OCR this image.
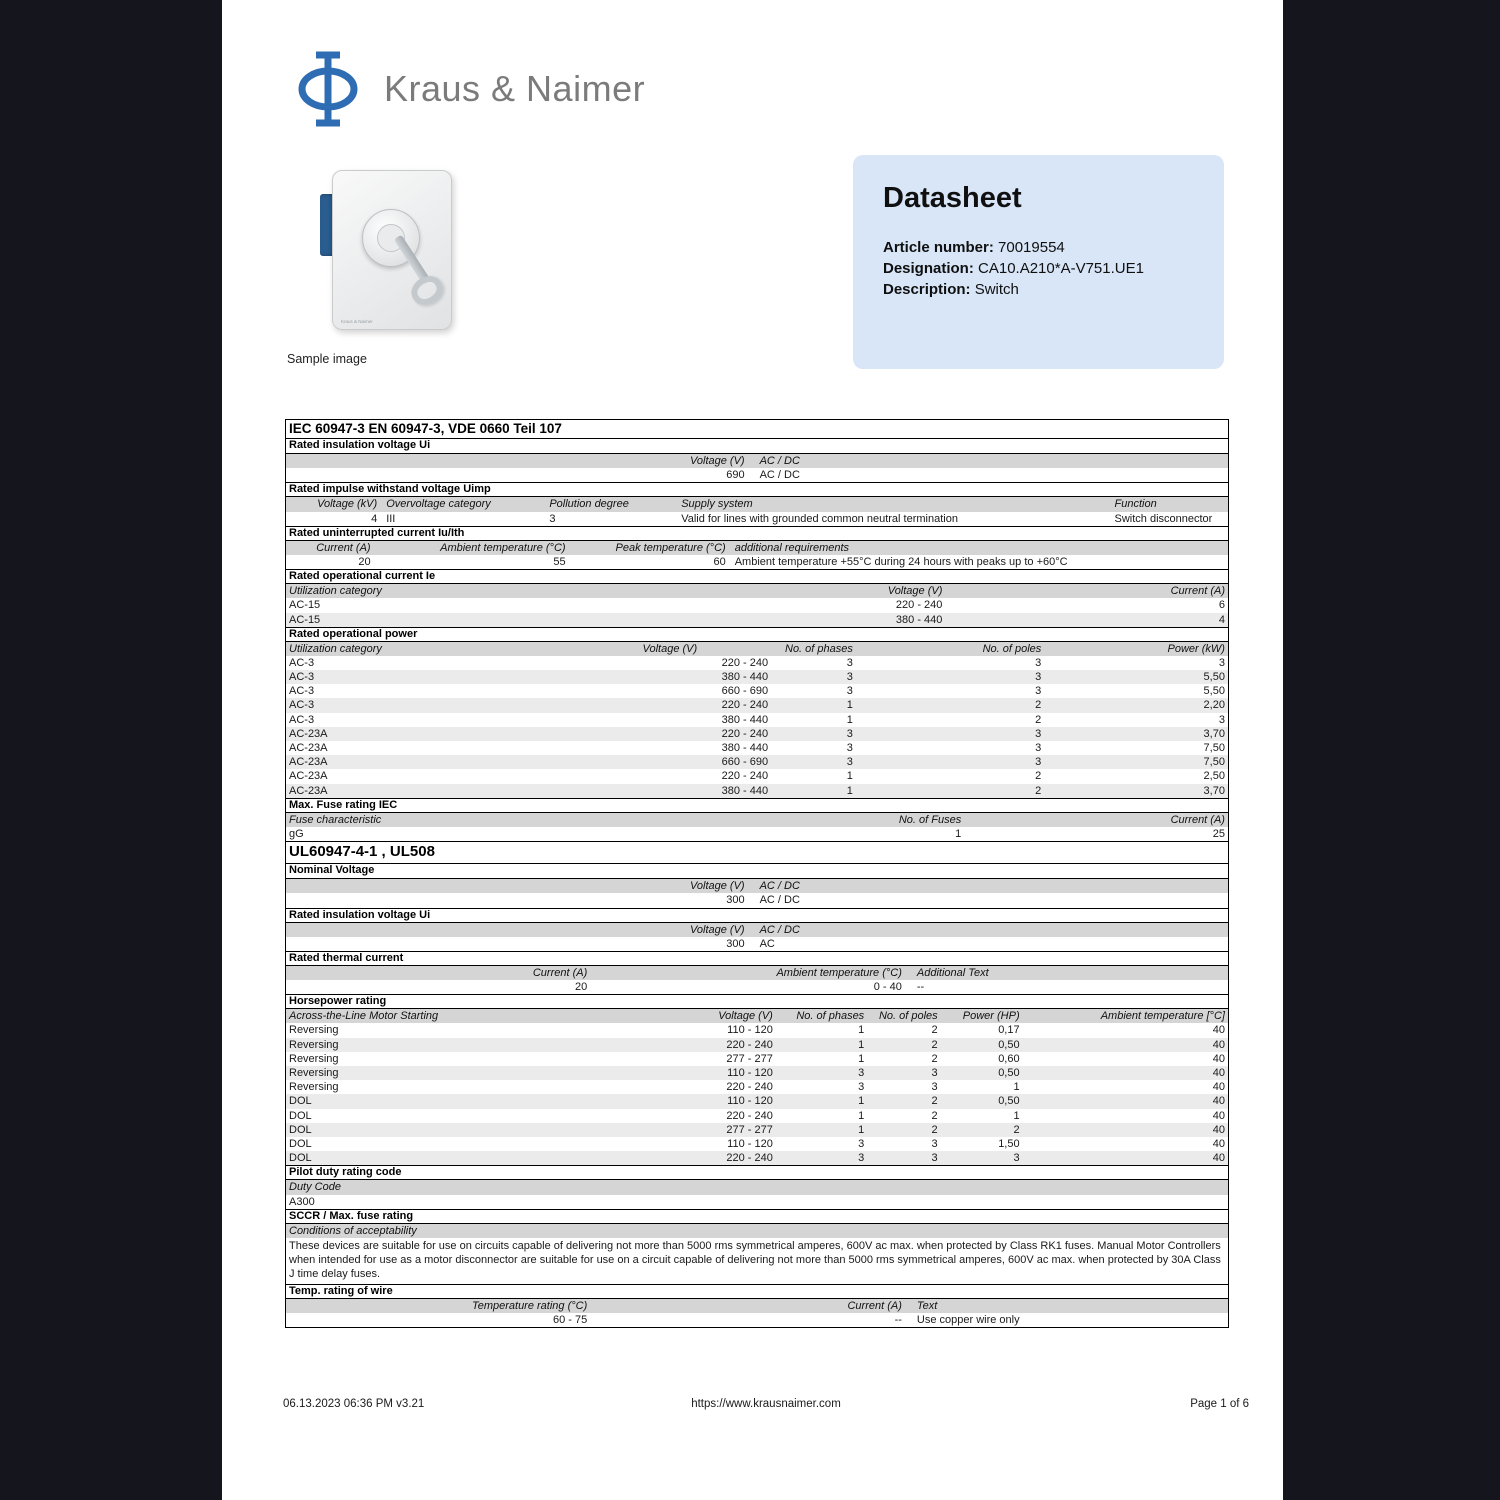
Kraus & Naimer
Kraus & Naimer
Sample image
Datasheet
Article number: 70019554
Designation: CA10.A210*A-V751.UE1
Description: Switch
IEC 60947-3 EN 60947-3, VDE 0660 Teil 107
Rated insulation voltage Ui
Voltage (V)	AC / DC
690	AC / DC
Rated impulse withstand voltage Uimp
Voltage (kV) Overvoltage category	Pollution degree	Supply system	Function
4 III	3	Valid for lines with grounded common neutral termination	Switch disconnector
Rated uninterrupted current Iu/Ith
Current (A)	Ambient temperature (°C)	Peak temperature (°C) additional requirements
20	55	60 Ambient temperature +55°C during 24 hours with peaks up to +60°C
Rated operational current Ie
Utilization category	Voltage (V)	Current (A)
AC-15	220 - 240	6
AC-15	380 - 440	4
Rated operational power
Utilization category	Voltage (V)	No. of phases	No. of poles	Power (kW)
AC-3	220 - 240	3	3	3
AC-3	380 - 440	3	3	5,50
AC-3	660 - 690	3	3	5,50
AC-3	220 - 240	1	2	2,20
AC-3	380 - 440	1	2	3
AC-23A	220 - 240	3	3	3,70
AC-23A	380 - 440	3	3	7,50
AC-23A	660 - 690	3	3	7,50
AC-23A	220 - 240	1	2	2,50
AC-23A	380 - 440	1	2	3,70
Max. Fuse rating IEC
Fuse characteristic	No. of Fuses	Current (A)
gG	1	25
UL60947-4-1 , UL508
Nominal Voltage
Voltage (V)	AC / DC
300	AC / DC
Rated insulation voltage Ui
Voltage (V)	AC / DC
300	AC
Rated thermal current
Current (A)	Ambient temperature (°C)	Additional Text
20	0 - 40	--
Horsepower rating
Across-the-Line Motor Starting	Voltage (V)	No. of phases	No. of poles	Power (HP)	Ambient temperature [°C]
Reversing	110 - 120	1	2	0,17	40
Reversing	220 - 240	1	2	0,50	40
Reversing	277 - 277	1	2	0,60	40
Reversing	110 - 120	3	3	0,50	40
Reversing	220 - 240	3	3	1	40
DOL	110 - 120	1	2	0,50	40
DOL	220 - 240	1	2	1	40
DOL	277 - 277	1	2	2	40
DOL	110 - 120	3	3	1,50	40
DOL	220 - 240	3	3	3	40
Pilot duty rating code
Duty Code
A300
SCCR / Max. fuse rating
Conditions of acceptability
These devices are suitable for use on circuits capable of delivering not more than 5000 rms symmetrical amperes, 600V ac max. when protected by Class RK1 fuses. Manual Motor Controllers when intended for use as a motor disconnector are suitable for use on a circuit capable of delivering not more than 5000 rms symmetrical amperes, 600V ac max. when protected by 30A Class J time delay fuses.
Temp. rating of wire
Temperature rating (°C)	Current (A)	Text
60 - 75	--	Use copper wire only
06.13.2023 06:36 PM v3.21	https://www.krausnaimer.com	Page 1 of 6
